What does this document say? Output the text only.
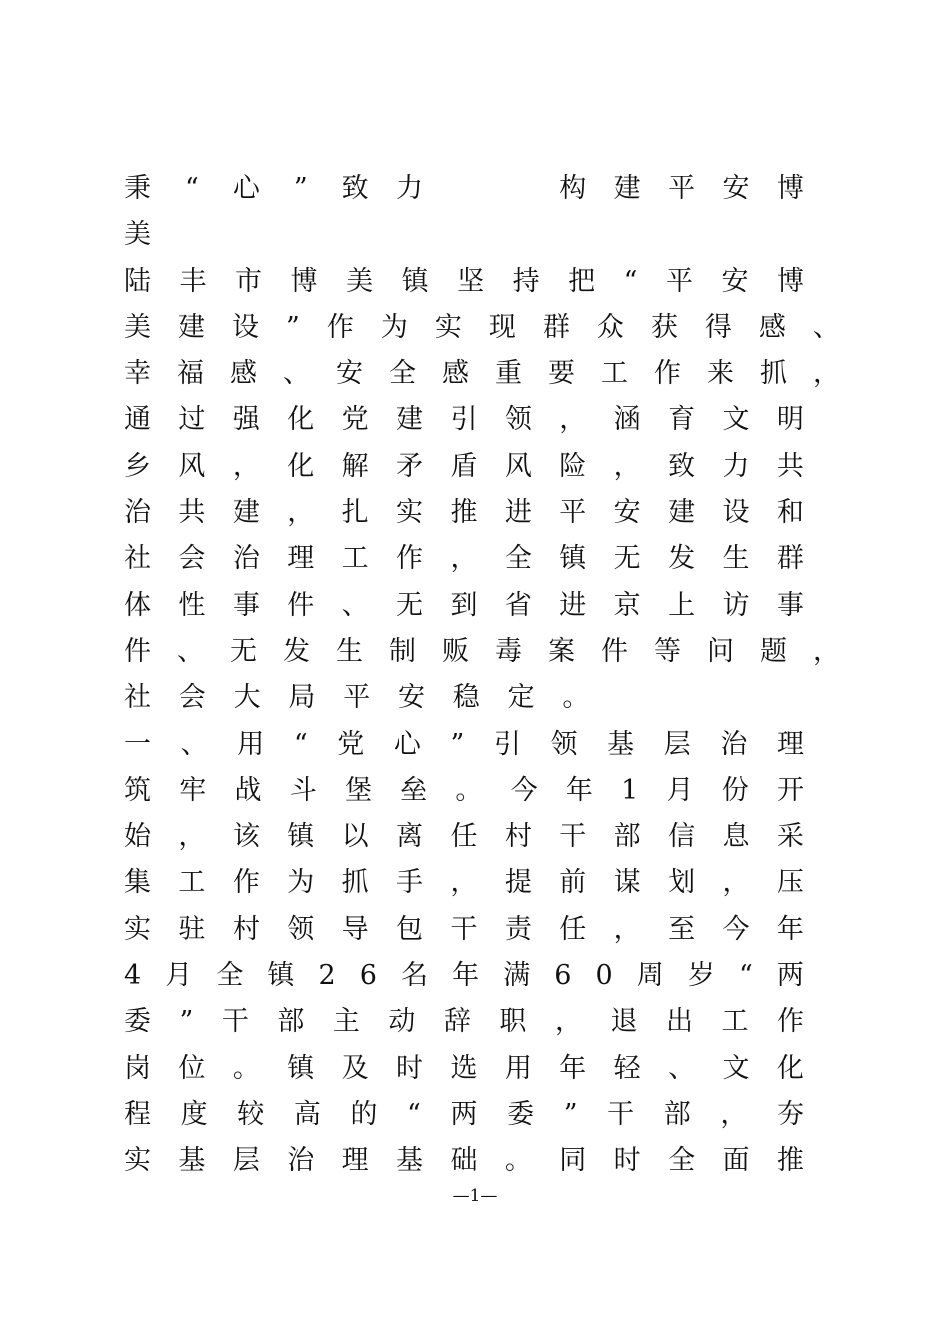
秉 “ 心 ” 致 力	构 建 平 安 博
美
陆 丰 市 博 美 镇 坚 持 把 “ 平 安 博
美 建 设 ” 作 为 实 现 群 众 获 得 感 、
幸 福 感 、 安 全 感 重 要 工 作 来 抓 ，
通 过 强 化 党 建 引 领 ， 涵 育 文 明
乡 风 ， 化 解 矛 盾 风 险 ， 致 力 共
治 共 建 ， 扎 实 推 进 平 安 建 设 和
社 会 治 理 工 作 ， 全 镇 无 发 生 群
体 性 事 件 、 无 到 省 进 京 上 访 事
件 、 无 发 生 制 贩 毒 案 件 等 问 题 ，
社会大局平安稳定。
一 、 用 “ 党 心 ” 引 领 基 层 治 理
筑 牢 战 斗 堡 垒 。 今 年 1 月 份 开
始 ， 该 镇 以 离 任 村 干 部 信 息 采
集 工 作 为 抓 手 ， 提 前 谋 划 ， 压
实 驻 村 领 导 包 干 责 任 ， 至 今 年
4 月 全 镇 2 6 名 年 满 6 0 周 岁 “ 两
委 ” 干 部 主 动 辞 职 ， 退 出 工 作
岗 位 。 镇 及 时 选 用 年 轻 、 文 化
程 度 较 高 的 “ 两 委 ” 干 部 ， 夯
实 基 层 治 理 基 础 。 同 时 全 面 推
—1—
